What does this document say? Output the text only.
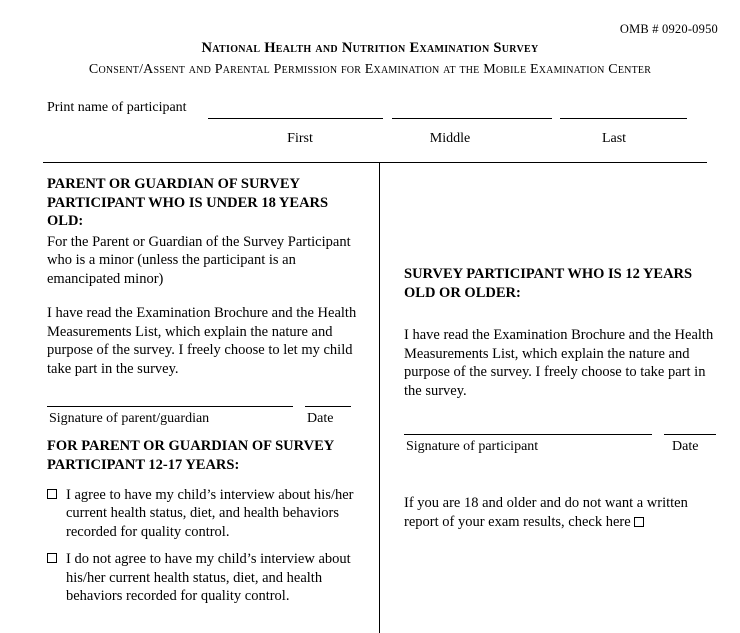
OMB # 0920-0950
National Health and Nutrition Examination Survey
Consent/Assent and Parental Permission for Examination at the Mobile Examination Center
Print name of participant
First	Middle	Last

PARENT OR GUARDIAN OF SURVEY PARTICIPANT WHO IS UNDER 18 YEARS OLD:

For the Parent or Guardian of the Survey Participant who is a minor (unless the participant is an emancipated minor)

I have read the Examination Brochure and the Health Measurements List, which explain the nature and purpose of the survey. I freely choose to let my child take part in the survey.

Signature of parent/guardian	Date

FOR PARENT OR GUARDIAN OF SURVEY PARTICIPANT 12-17 YEARS:

I agree to have my child’s interview about his/her current health status, diet, and health behaviors recorded for quality control.

I do not agree to have my child’s interview about his/her current health status, diet, and health behaviors recorded for quality control.

SURVEY PARTICIPANT WHO IS 12 YEARS OLD OR OLDER:

I have read the Examination Brochure and the Health Measurements List, which explain the nature and purpose of the survey. I freely choose to take part in the survey.

Signature of participant	Date

If you are 18 and older and do not want a written report of your exam results, check here
